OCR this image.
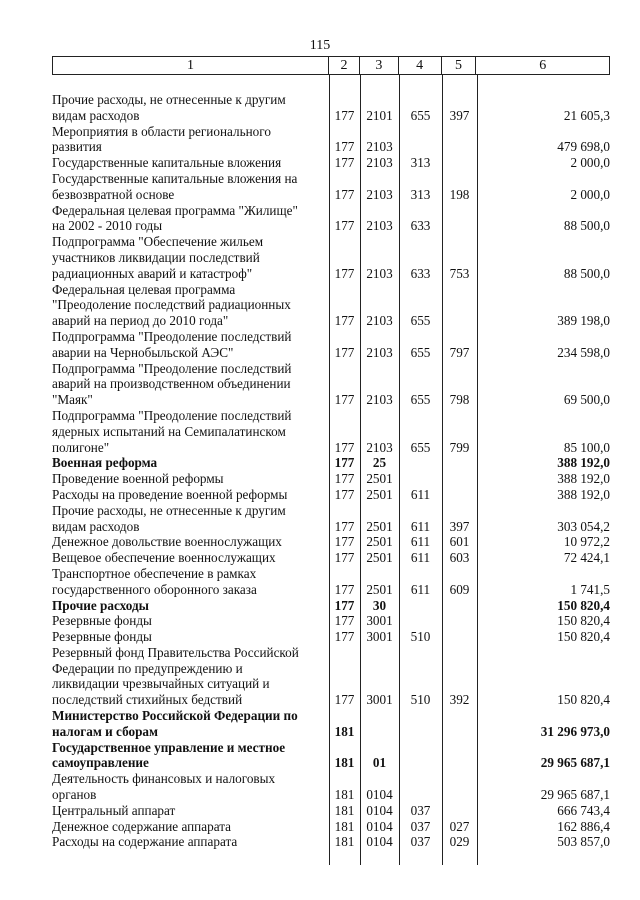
115
1	2	3	4	5	6
Прочие расходы, не отнесенные к другим
видам расходов	177	2101	655	397	21 605,3
Мероприятия в области регионального
развития	177	2103			479 698,0
Государственные капитальные вложения	177	2103	313		2 000,0
Государственные капитальные вложения на
безвозвратной основе	177	2103	313	198	2 000,0
Федеральная целевая программа "Жилище"
на 2002 - 2010 годы	177	2103	633		88 500,0
Подпрограмма "Обеспечение жильем
участников ликвидации последствий
радиационных аварий и катастроф"	177	2103	633	753	88 500,0
Федеральная целевая программа
"Преодоление последствий радиационных
аварий на период до 2010 года"	177	2103	655		389 198,0
Подпрограмма "Преодоление последствий
аварии на Чернобыльской АЭС"	177	2103	655	797	234 598,0
Подпрограмма "Преодоление последствий
аварий на производственном объединении
"Маяк"	177	2103	655	798	69 500,0
Подпрограмма "Преодоление последствий
ядерных испытаний на Семипалатинском
полигоне"	177	2103	655	799	85 100,0
Военная реформа	177	25			388 192,0
Проведение военной реформы	177	2501			388 192,0
Расходы на проведение военной реформы	177	2501	611		388 192,0
Прочие расходы, не отнесенные к другим
видам расходов	177	2501	611	397	303 054,2
Денежное довольствие военнослужащих	177	2501	611	601	10 972,2
Вещевое обеспечение военнослужащих	177	2501	611	603	72 424,1
Транспортное обеспечение в рамках
государственного оборонного заказа	177	2501	611	609	1 741,5
Прочие расходы	177	30			150 820,4
Резервные фонды	177	3001			150 820,4
Резервные фонды	177	3001	510		150 820,4
Резервный фонд Правительства Российской
Федерации по предупреждению и
ликвидации чрезвычайных ситуаций и
последствий стихийных бедствий	177	3001	510	392	150 820,4
Министерство Российской Федерации по
налогам и сборам	181				31 296 973,0
Государственное управление и местное
самоуправление	181	01			29 965 687,1
Деятельность финансовых и налоговых
органов	181	0104			29 965 687,1
Центральный аппарат	181	0104	037		666 743,4
Денежное содержание аппарата	181	0104	037	027	162 886,4
Расходы на содержание аппарата	181	0104	037	029	503 857,0
